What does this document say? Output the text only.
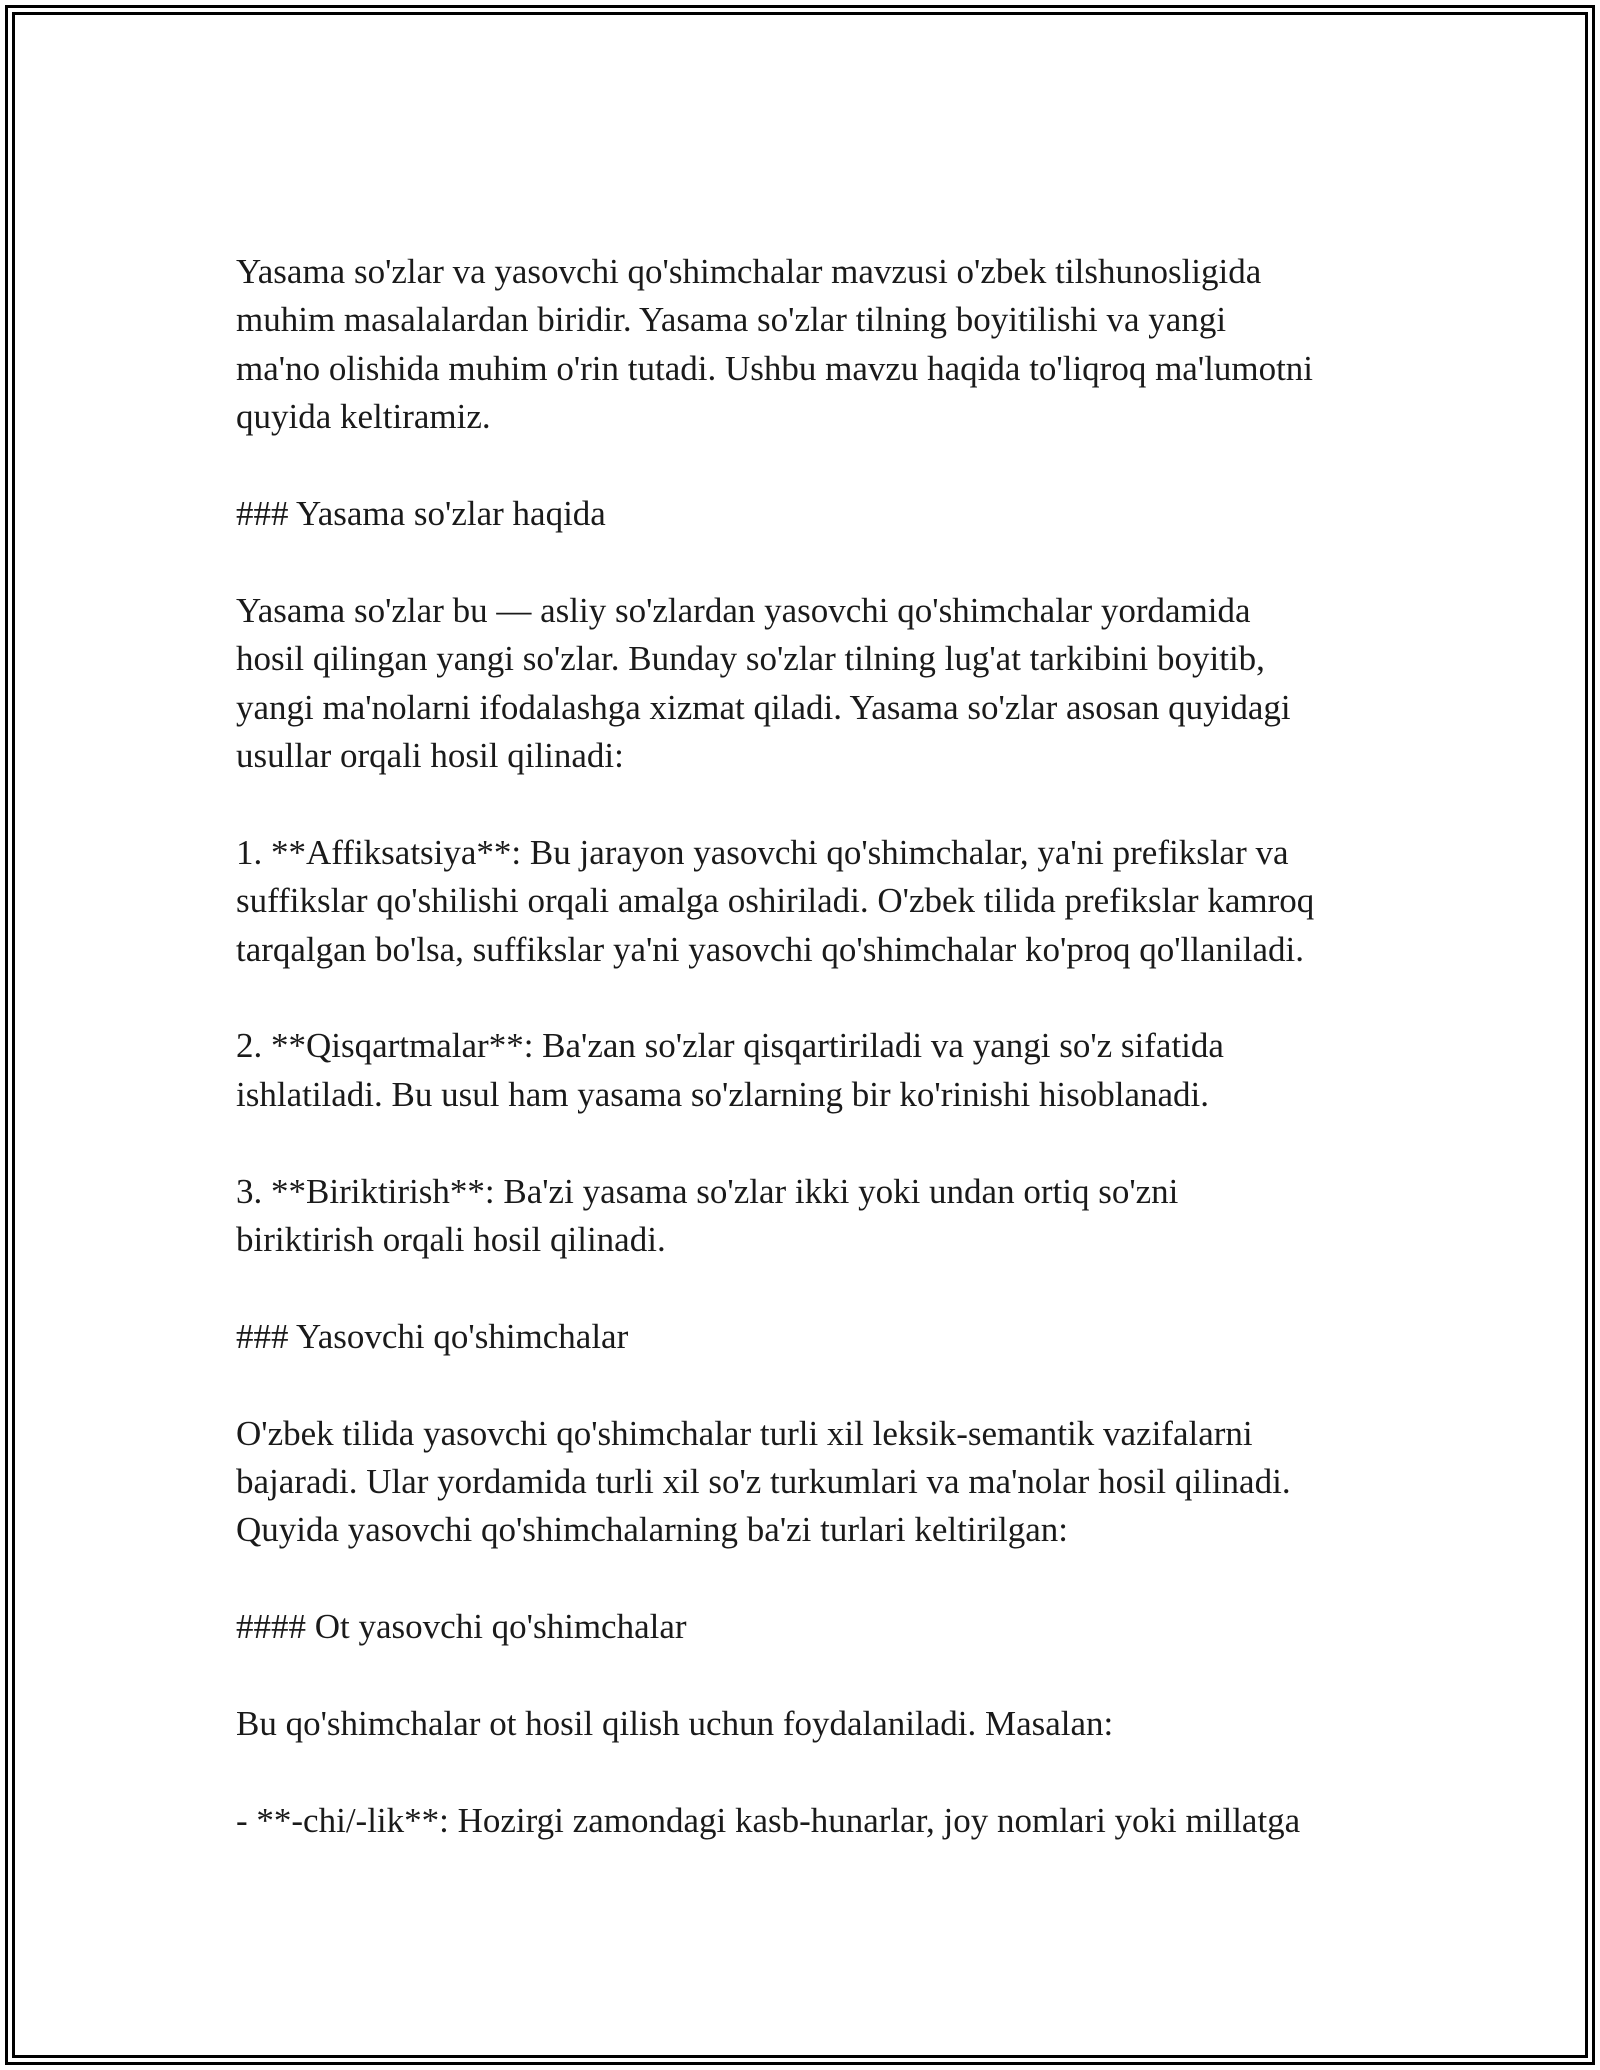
Yasama so'zlar va yasovchi qo'shimchalar mavzusi o'zbek tilshunosligida
muhim masalalardan biridir. Yasama so'zlar tilning boyitilishi va yangi
ma'no olishida muhim o'rin tutadi. Ushbu mavzu haqida to'liqroq ma'lumotni
quyida keltiramiz.
### Yasama so'zlar haqida
Yasama so'zlar bu — asliy so'zlardan yasovchi qo'shimchalar yordamida
hosil qilingan yangi so'zlar. Bunday so'zlar tilning lug'at tarkibini boyitib,
yangi ma'nolarni ifodalashga xizmat qiladi. Yasama so'zlar asosan quyidagi
usullar orqali hosil qilinadi:
1. **Affiksatsiya**: Bu jarayon yasovchi qo'shimchalar, ya'ni prefikslar va
suffikslar qo'shilishi orqali amalga oshiriladi. O'zbek tilida prefikslar kamroq
tarqalgan bo'lsa, suffikslar ya'ni yasovchi qo'shimchalar ko'proq qo'llaniladi.
2. **Qisqartmalar**: Ba'zan so'zlar qisqartiriladi va yangi so'z sifatida
ishlatiladi. Bu usul ham yasama so'zlarning bir ko'rinishi hisoblanadi.
3. **Biriktirish**: Ba'zi yasama so'zlar ikki yoki undan ortiq so'zni
biriktirish orqali hosil qilinadi.
### Yasovchi qo'shimchalar
O'zbek tilida yasovchi qo'shimchalar turli xil leksik-semantik vazifalarni
bajaradi. Ular yordamida turli xil so'z turkumlari va ma'nolar hosil qilinadi.
Quyida yasovchi qo'shimchalarning ba'zi turlari keltirilgan:
#### Ot yasovchi qo'shimchalar
Bu qo'shimchalar ot hosil qilish uchun foydalaniladi. Masalan:
- **-chi/-lik**: Hozirgi zamondagi kasb-hunarlar, joy nomlari yoki millatga
